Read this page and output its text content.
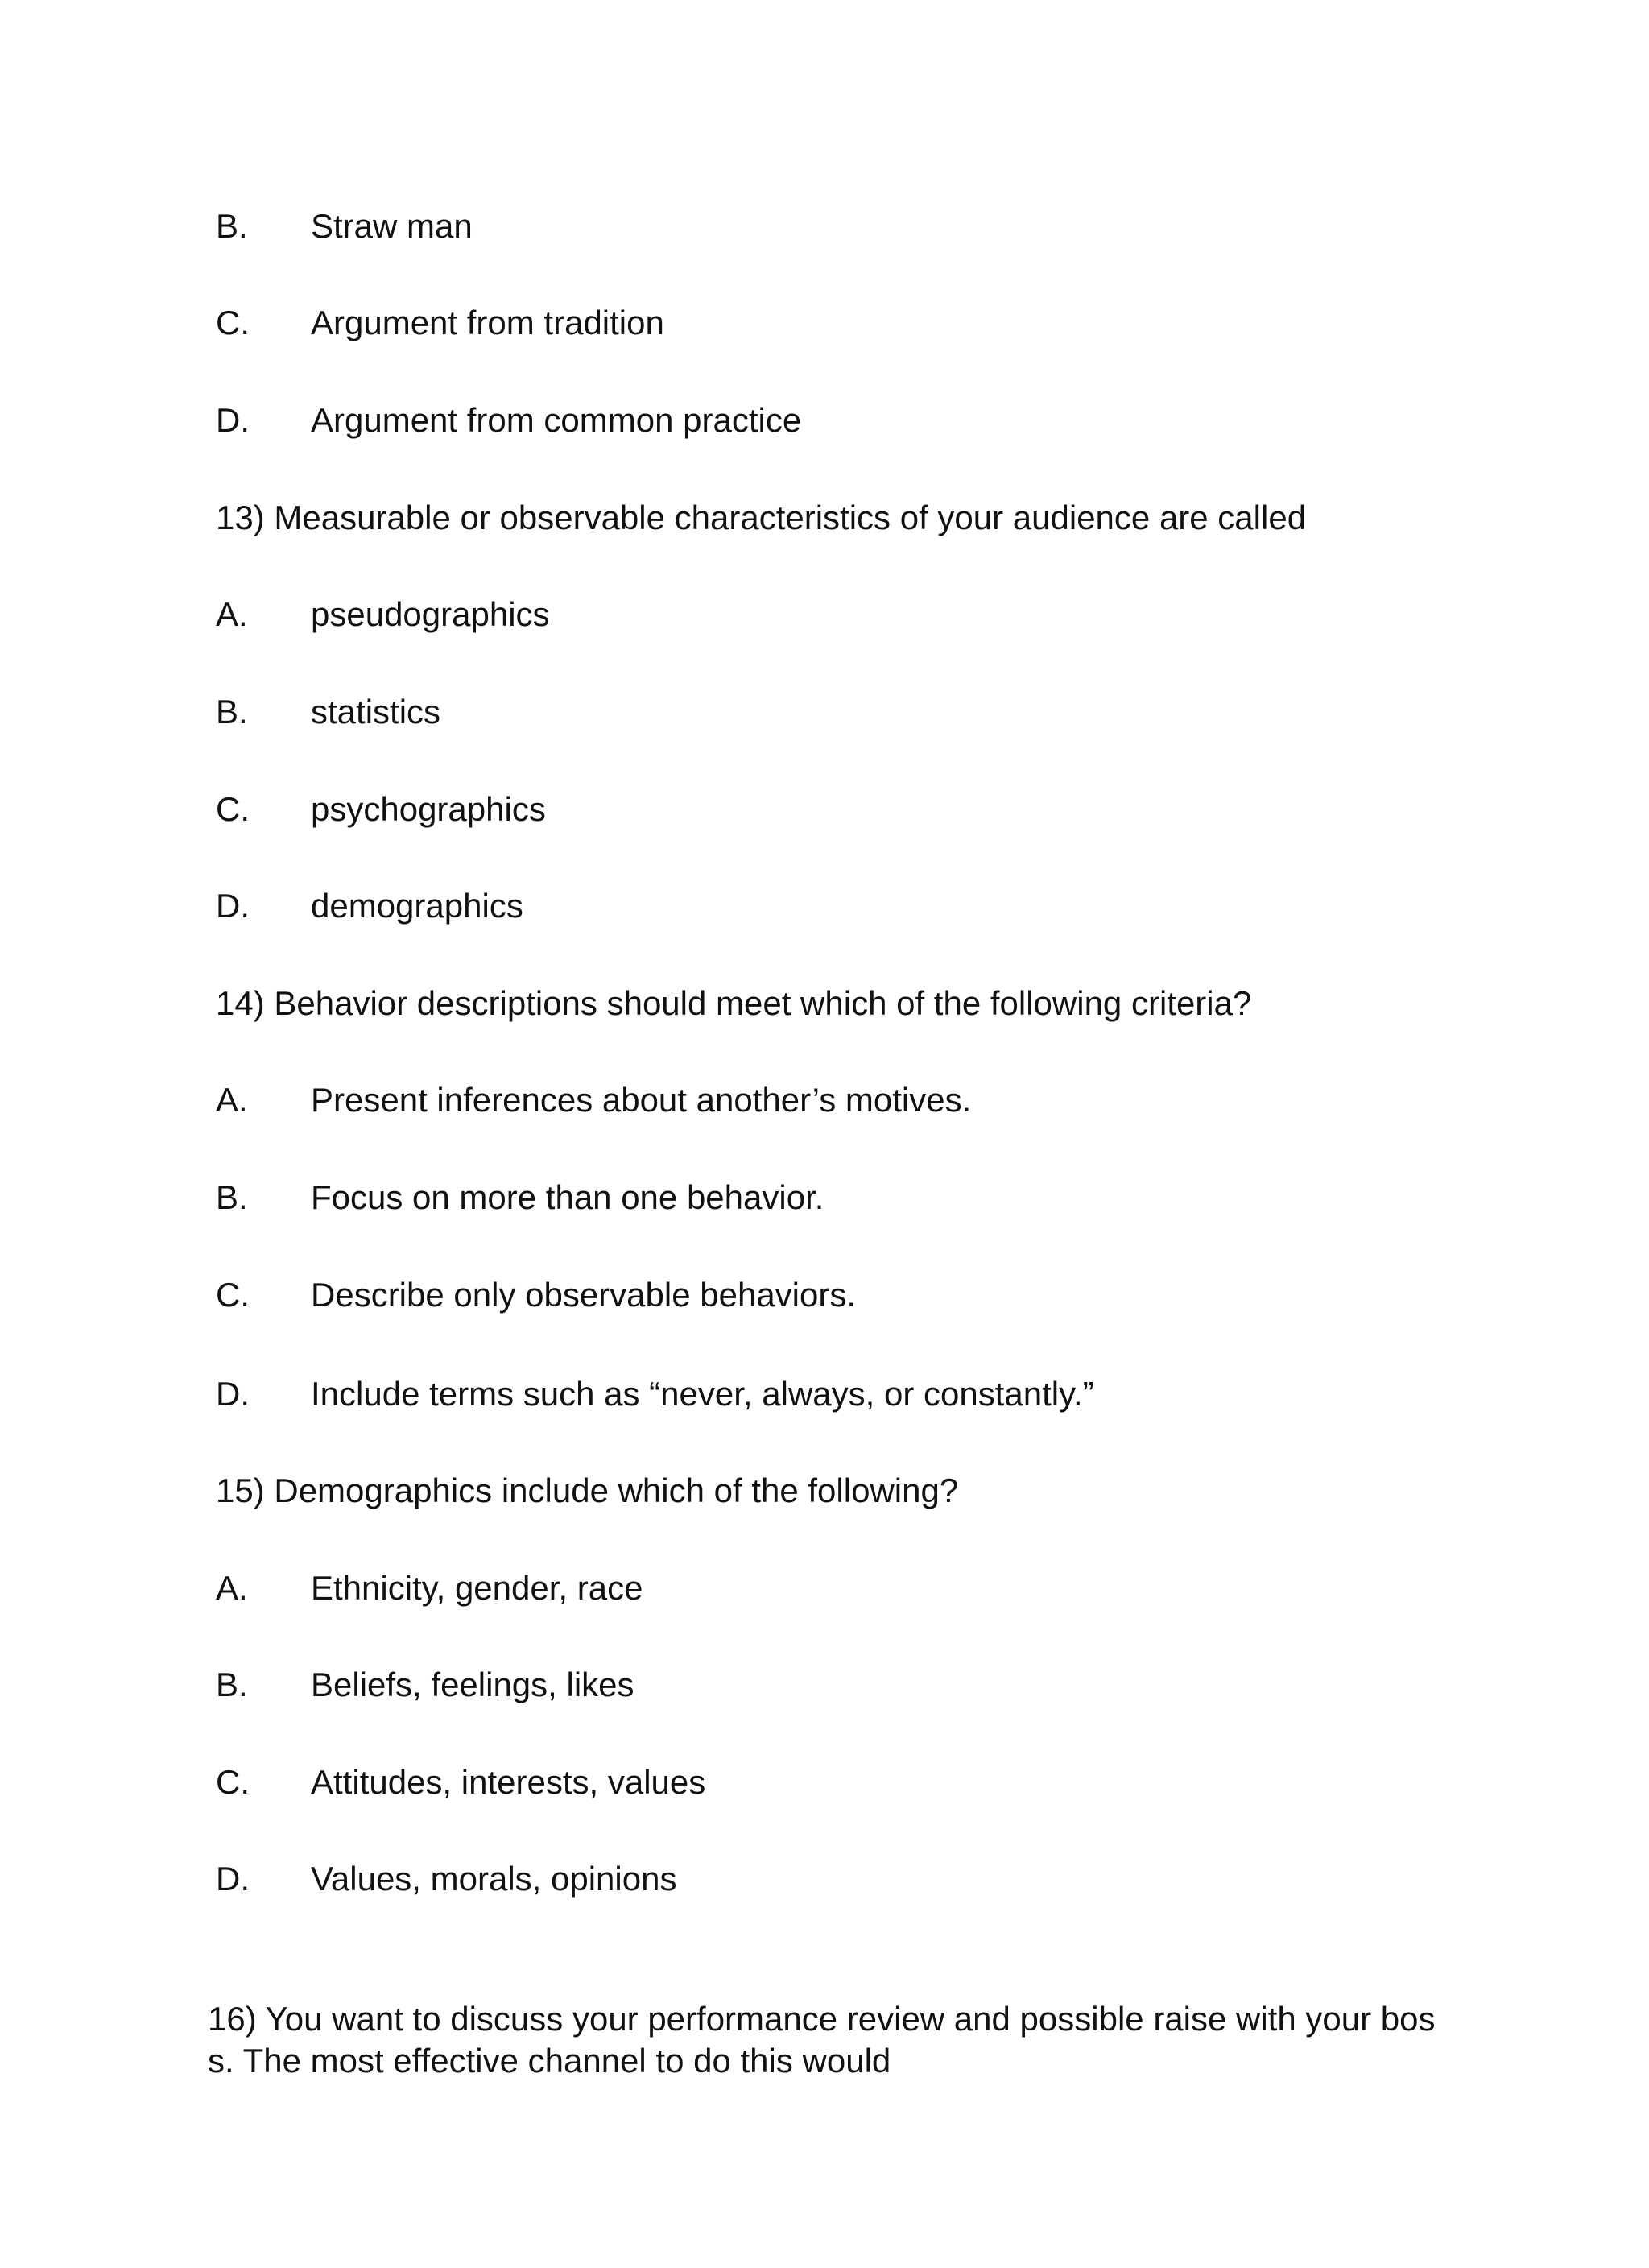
B. Straw man
C. Argument from tradition
D. Argument from common practice
13) Measurable or observable characteristics of your audience are called
A. pseudographics
B. statistics
C. psychographics
D. demographics
14) Behavior descriptions should meet which of the following criteria?
A. Present inferences about another’s motives.
B. Focus on more than one behavior.
C. Describe only observable behaviors.
D. Include terms such as “never, always, or constantly.”
15) Demographics include which of the following?
A. Ethnicity, gender, race
B. Beliefs, feelings, likes
C. Attitudes, interests, values
D. Values, morals, opinions
16) You want to discuss your performance review and possible raise with your bos
s. The most effective channel to do this would
